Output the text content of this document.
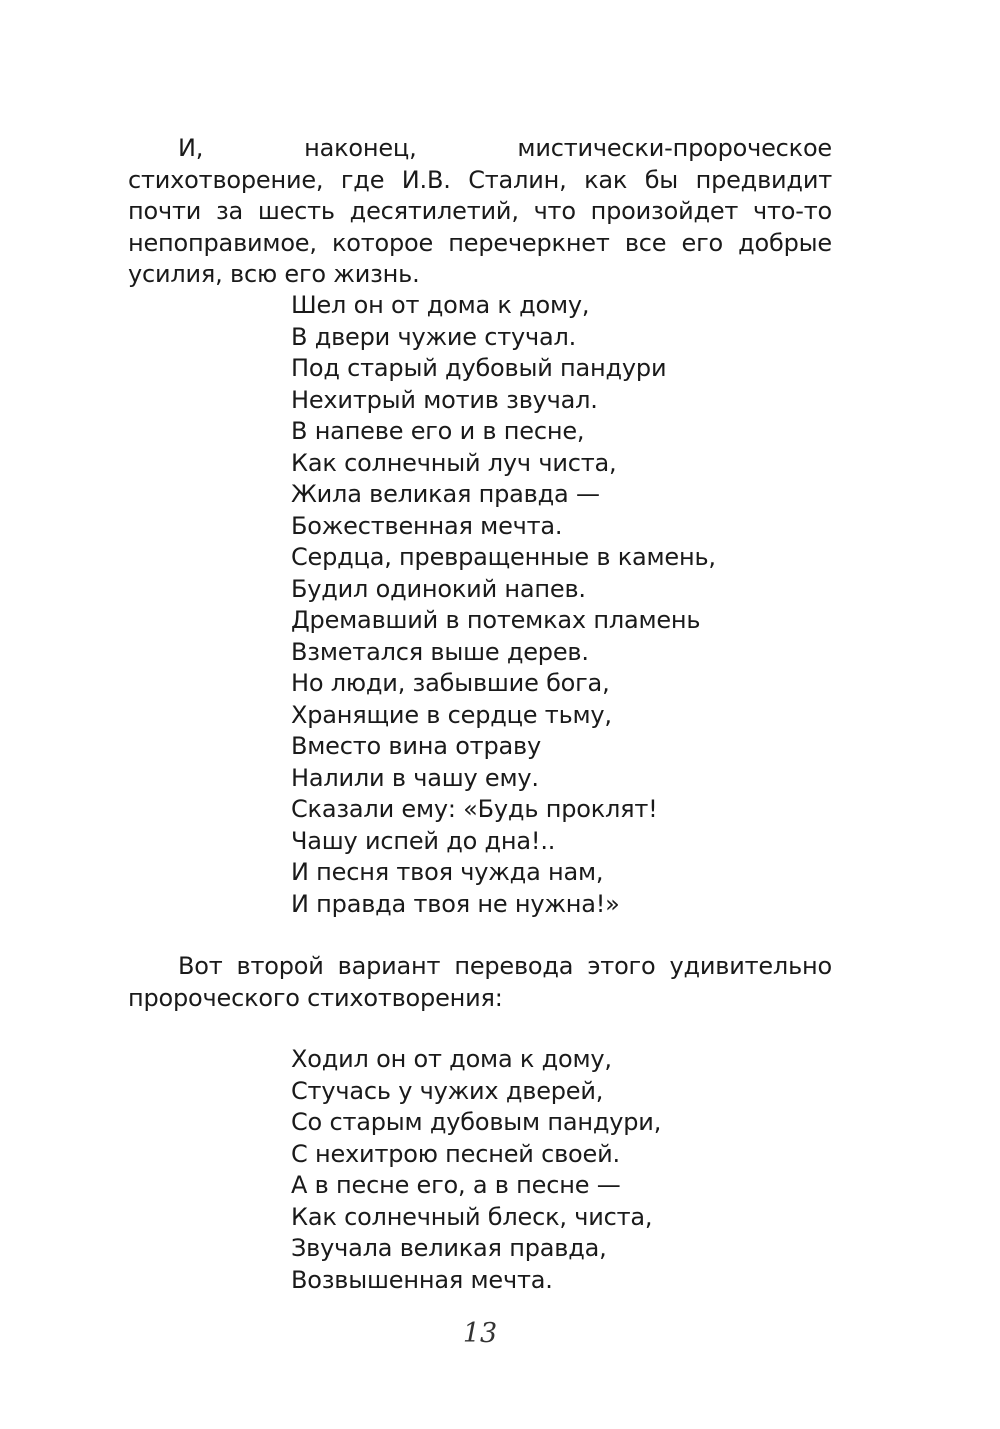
И, наконец, мистически-пророческое стихотворение, где И.В. Сталин, как бы предвидит почти за шесть десятилетий, что произойдет что-то непоправимое, которое перечеркнет все его добрые усилия, всю его жизнь.

Шел он от дома к дому,
В двери чужие стучал.
Под старый дубовый пандури
Нехитрый мотив звучал.
В напеве его и в песне,
Как солнечный луч чиста,
Жила великая правда —
Божественная мечта.
Сердца, превращенные в камень,
Будил одинокий напев.
Дремавший в потемках пламень
Взметался выше дерев.
Но люди, забывшие бога,
Хранящие в сердце тьму,
Вместо вина отраву
Налили в чашу ему.
Сказали ему: «Будь проклят!
Чашу испей до дна!..
И песня твоя чужда нам,
И правда твоя не нужна!»

Вот второй вариант перевода этого удивительно пророческого стихотворения:

Ходил он от дома к дому,
Стучась у чужих дверей,
Со старым дубовым пандури,
С нехитрою песней своей.
А в песне его, а в песне —
Как солнечный блеск, чиста,
Звучала великая правда,
Возвышенная мечта.
13
